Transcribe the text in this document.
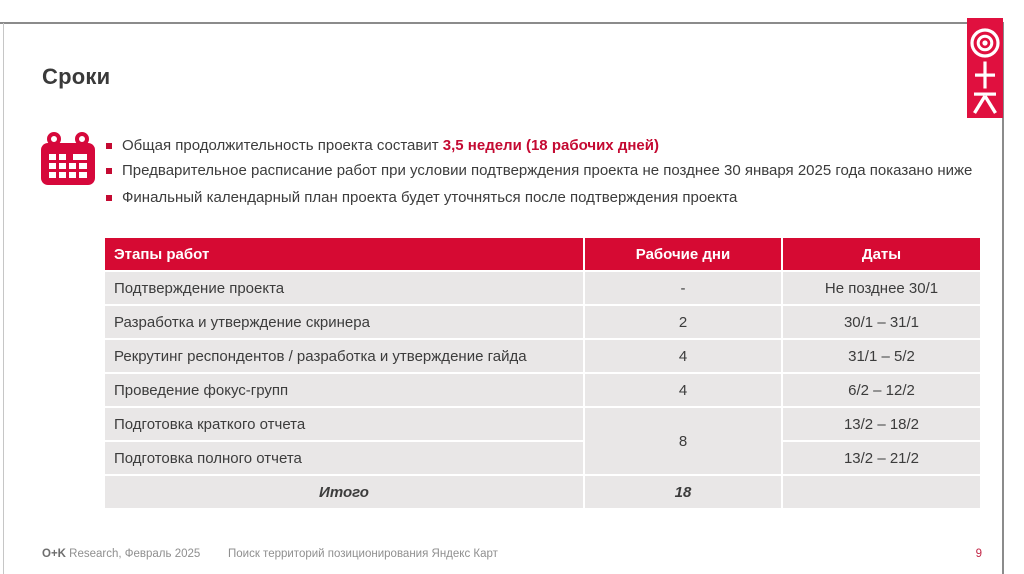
Сроки

Общая продолжительность проекта составит 3,5 недели (18 рабочих дней)

Предварительное расписание работ при условии подтверждения проекта не позднее 30 января 2025 года показано ниже

Финальный календарный план проекта будет уточняться после подтверждения проекта

Этапы работ	Рабочие дни	Даты
Подтверждение проекта	-	Не позднее 30/1
Разработка и утверждение скринера	2	30/1 – 31/1
Рекрутинг респондентов / разработка и утверждение гайда	4	31/1 – 5/2
Проведение фокус-групп	4	6/2 – 12/2
Подготовка краткого отчета	8	13/2 – 18/2
Подготовка полного отчета		13/2 – 21/2
Итого	18	
O+K Research, Февраль 2025 Поиск территорий позиционирования Яндекс Карт	9
